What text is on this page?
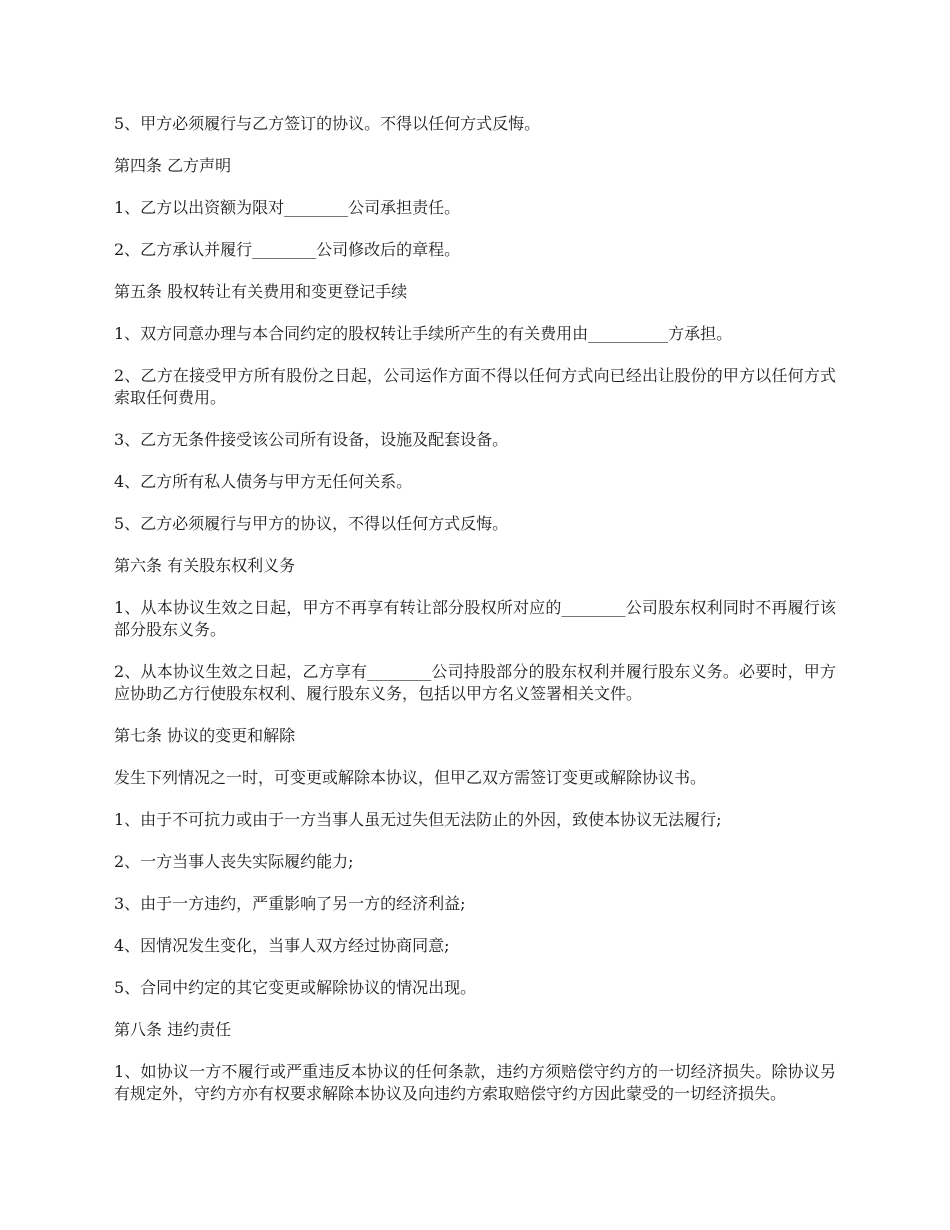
5、甲方必须履行与乙方签订的协议。不得以任何方式反悔。

第四条 乙方声明

1、乙方以出资额为限对________公司承担责任。

2、乙方承认并履行________公司修改后的章程。

第五条 股权转让有关费用和变更登记手续

1、双方同意办理与本合同约定的股权转让手续所产生的有关费用由__________方承担。

2、乙方在接受甲方所有股份之日起，公司运作方面不得以任何方式向已经出让股份的甲方以任何方式索取任何费用。

3、乙方无条件接受该公司所有设备，设施及配套设备。

4、乙方所有私人债务与甲方无任何关系。

5、乙方必须履行与甲方的协议，不得以任何方式反悔。

第六条 有关股东权利义务

1、从本协议生效之日起，甲方不再享有转让部分股权所对应的________公司股东权利同时不再履行该部分股东义务。

2、从本协议生效之日起，乙方享有________公司持股部分的股东权利并履行股东义务。必要时，甲方应协助乙方行使股东权利、履行股东义务，包括以甲方名义签署相关文件。

第七条 协议的变更和解除

发生下列情况之一时，可变更或解除本协议，但甲乙双方需签订变更或解除协议书。

1、由于不可抗力或由于一方当事人虽无过失但无法防止的外因，致使本协议无法履行;

2、一方当事人丧失实际履约能力;

3、由于一方违约，严重影响了另一方的经济利益;

4、因情况发生变化，当事人双方经过协商同意;

5、合同中约定的其它变更或解除协议的情况出现。

第八条 违约责任

1、如协议一方不履行或严重违反本协议的任何条款，违约方须赔偿守约方的一切经济损失。除协议另有规定外，守约方亦有权要求解除本协议及向违约方索取赔偿守约方因此蒙受的一切经济损失。
